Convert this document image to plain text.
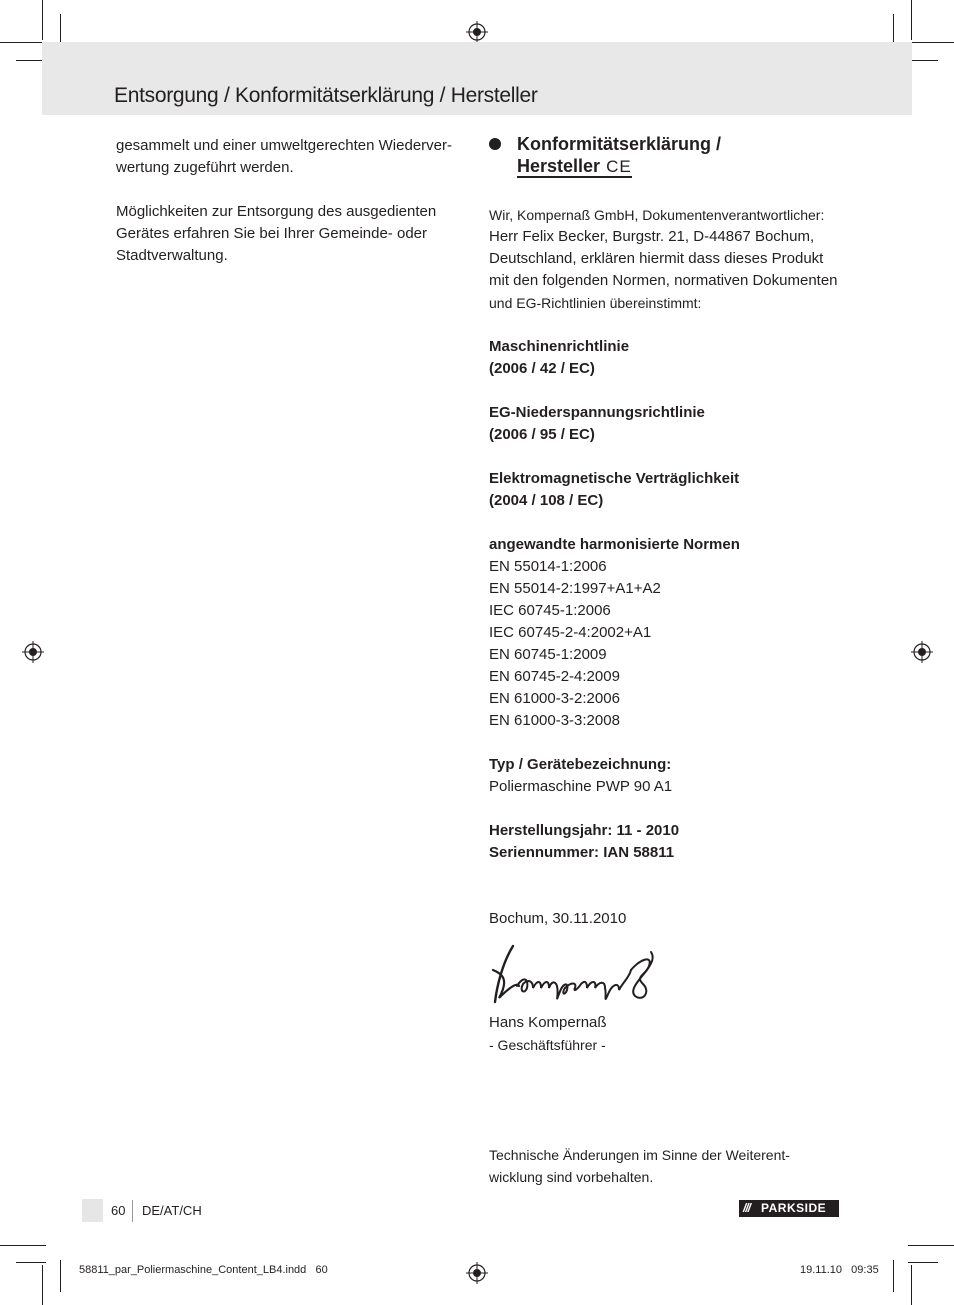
Entsorgung / Konformitätserklärung / Hersteller

gesammelt und einer umweltgerechten Wiederver-

wertung zugeführt werden.

Möglichkeiten zur Entsorgung des ausgedienten

Gerätes erfahren Sie bei Ihrer Gemeinde- oder

Stadtverwaltung.

Konformitätserklärung /
Hersteller CE

Wir, Kompernaß GmbH, Dokumentenverantwortlicher:

Herr Felix Becker, Burgstr. 21, D-44867 Bochum,

Deutschland, erklären hiermit dass dieses Produkt

mit den folgenden Normen, normativen Dokumenten

und EG-Richtlinien übereinstimmt:

Maschinenrichtlinie

(2006 / 42 / EC)

EG-Niederspannungsrichtlinie

(2006 / 95 / EC)

Elektromagnetische Verträglichkeit

(2004 / 108 / EC)

angewandte harmonisierte Normen

EN 55014-1:2006

EN 55014-2:1997+A1+A2

IEC 60745-1:2006

IEC 60745-2-4:2002+A1

EN 60745-1:2009

EN 60745-2-4:2009

EN 61000-3-2:2006

EN 61000-3-3:2008

Typ / Gerätebezeichnung:

Poliermaschine PWP 90 A1

Herstellungsjahr: 11 - 2010

Seriennummer: IAN 58811

Bochum, 30.11.2010

Hans Kompernaß

- Geschäftsführer -

Technische Änderungen im Sinne der Weiterent-

wicklung sind vorbehalten.

60 DE/AT/CH	/// PARKSIDE
58811_par_Poliermaschine_Content_LB4.indd   60	19.11.10   09:35
